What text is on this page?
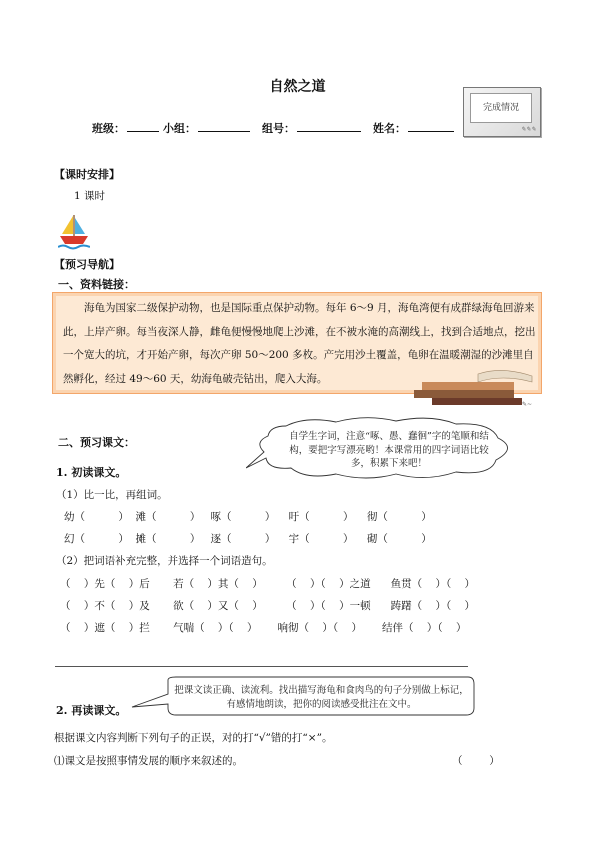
自然之道
完成情况
✎✎✎
班级：	小组：	组号：	姓名：
【课时安排】
1 课时
【预习导航】
一、资料链接：
海龟为国家二级保护动物，也是国际重点保护动物。每年 6～9 月，海龟湾便有成群绿海龟回游来此，上岸产卵。每当夜深人静，雌龟便慢慢地爬上沙滩，在不被水淹的高潮线上，找到合适地点，挖出一个宽大的坑，才开始产卵，每次产卵 50～200 多枚。产完用沙土覆盖，龟卵在温暖潮湿的沙滩里自然孵化，经过 49～60 天，幼海龟破壳钻出，爬入大海。
✎~
二、预习课文：	自学生字词，注意“啄、愚、蠢徊”字的笔顺和结构，要把字写漂亮哟！本课常用的四字词语比较多，积累下来吧！
1. 初读课文。
（1）比一比，再组词。
幼（          ）  滩（          ）   啄（          ）    吁（          ）    彻（          ）
幻（          ）  摊（          ）   逐（          ）    宇（          ）    砌（          ）
（2）把词语补充完整，并选择一个词语造句。
（    ）先（    ）后       若（    ）其（    ）       （    ）（    ）之道      鱼贯（    ）（    ）
（    ）不（    ）及       欲（    ）又（    ）       （    ）（    ）一顿      踌躇（    ）（    ）
（    ）遮（    ）拦       气喘（    ）（    ）      响彻（    ）（    ）      结伴（    ）（    ）
2. 再读课文。
把课文读正确、读流利。找出描写海龟和食肉鸟的句子分别做上标记，有感情地朗读，把你的阅读感受批注在文中。
根据课文内容判断下列句子的正误，对的打“√”错的打“×”。
⑴课文是按照事情发展的顺序来叙述的。	（        ）
